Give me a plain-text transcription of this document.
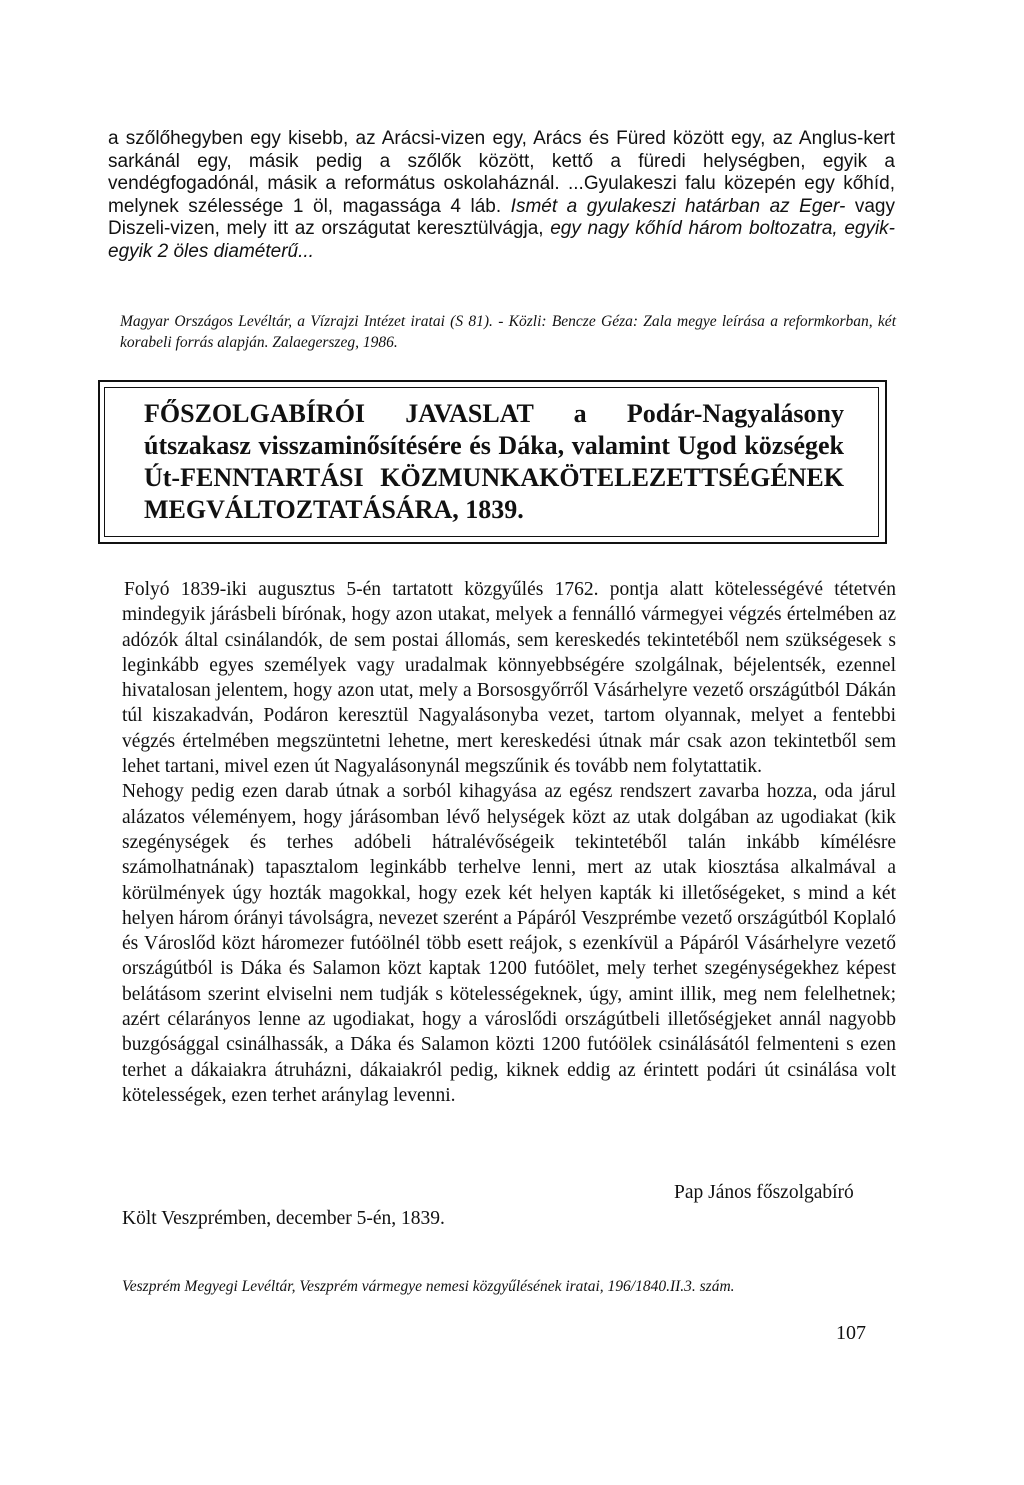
a szőlőhegyben egy kisebb, az Arácsi-vizen egy, Arács és Füred között egy, az Anglus-kert sarkánál egy, másik pedig a szőlők között, kettő a füredi helységben, egyik a vendégfogadónál, másik a református oskolaháznál. ...Gyulakeszi falu közepén egy kőhíd, melynek szélessége 1 öl, magassága 4 láb. Ismét a gyulakeszi határban az Eger- vagy Diszeli-vizen, mely itt az országutat keresztülvágja, egy nagy kőhíd három boltozatra, egyik-egyik 2 öles diaméterű...

Magyar Országos Levéltár, a Vízrajzi Intézet iratai (S 81). - Közli: Bencze Géza: Zala megye leírása a reformkorban, két korabeli forrás alapján. Zalaegerszeg, 1986.

FŐSZOLGABÍRÓI JAVASLAT a Podár-Nagyalásony útszakasz visszaminősítésére és Dáka, valamint Ugod községek Út-FENNTARTÁSI KÖZMUNKAKÖTELEZETTSÉGÉNEK MEGVÁLTOZTATÁSÁRA, 1839.

Folyó 1839-iki augusztus 5-én tartatott közgyűlés 1762. pontja alatt kötelességévé tétetvén mindegyik járásbeli bírónak, hogy azon utakat, melyek a fennálló vármegyei végzés értelmében az adózók által csinálandók, de sem postai állomás, sem kereskedés tekintetéből nem szükségesek s leginkább egyes személyek vagy uradalmak könnyebbségére szolgálnak, béjelentsék, ezennel hivatalosan jelentem, hogy azon utat, mely a Borsosgyőrről Vásárhelyre vezető országútból Dákán túl kiszakadván, Podáron keresztül Nagyalásonyba vezet, tartom olyannak, melyet a fentebbi végzés értelmében megszüntetni lehetne, mert kereskedési útnak már csak azon tekintetből sem lehet tartani, mivel ezen út Nagyalásonynál megszűnik és tovább nem folytattatik.

Nehogy pedig ezen darab útnak a sorból kihagyása az egész rendszert zavarba hozza, oda járul alázatos véleményem, hogy járásomban lévő helységek közt az utak dolgában az ugodiakat (kik szegénységek és terhes adóbeli hátralévőségeik tekintetéből talán inkább kímélésre számolhatnának) tapasztalom leginkább terhelve lenni, mert az utak kiosztása alkalmával a körülmények úgy hozták magokkal, hogy ezek két helyen kapták ki illetőségeket, s mind a két helyen három órányi távolságra, nevezet szerént a Pápáról Veszprémbe vezető országútból Koplaló és Városlőd közt háromezer futóölnél több esett reájok, s ezenkívül a Pápáról Vásárhelyre vezető országútból is Dáka és Salamon közt kaptak 1200 futóölet, mely terhet szegénységekhez képest belátásom szerint elviselni nem tudják s kötelességeknek, úgy, amint illik, meg nem felelhetnek; azért célarányos lenne az ugodiakat, hogy a városlődi országútbeli illetőségjeket annál nagyobb buzgósággal csinálhassák, a Dáka és Salamon közti 1200 futóölek csinálásától felmenteni s ezen terhet a dákaiakra átruházni, dákaiakról pedig, kiknek eddig az érintett podári út csinálása volt kötelességek, ezen terhet aránylag levenni.

Pap János főszolgabíró

Költ Veszprémben, december 5-én, 1839.

Veszprém Megyegi Levéltár, Veszprém vármegye nemesi közgyűlésének iratai, 196/1840.II.3. szám.

107
